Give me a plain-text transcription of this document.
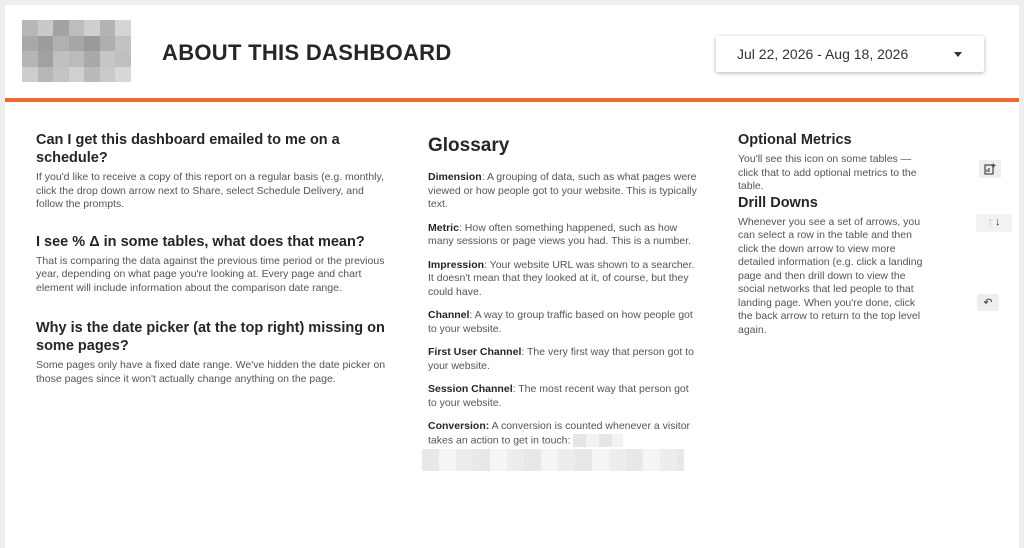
ABOUT THIS DASHBOARD	Jul 22, 2026 - Aug 18, 2026
Can I get this dashboard emailed to me on a schedule?

If you'd like to receive a copy of this report on a regular basis (e.g. monthly, click the drop down arrow next to Share, select Schedule Delivery, and follow the prompts.

I see % Δ in some tables, what does that mean?

That is comparing the data against the previous time period or the previous year, depending on what page you're looking at. Every page and chart element will include information about the comparison date range.

Why is the date picker (at the top right) missing on some pages?

Some pages only have a fixed date range. We've hidden the date picker on those pages since it won't actually change anything on the page.

Glossary

Dimension: A grouping of data, such as what pages were viewed or how people got to your website. This is typically text.

Metric: How often something happened, such as how many sessions or page views you had. This is a number.

Impression: Your website URL was shown to a searcher. It doesn't mean that they looked at it, of course, but they could have.

Channel: A way to group traffic based on how people got to your website.

First User Channel: The very first way that person got to your website.

Session Channel: The most recent way that person got to your website.

Conversion: A conversion is counted whenever a visitor takes an action to get in touch:

Optional Metrics

You'll see this icon on some tables — click that to add optional metrics to the table.

Drill Downs

Whenever you see a set of arrows, you can select a row in the table and then click the down arrow to view more detailed information (e.g. click a landing page and then drill down to view the social networks that led people to that landing page. When you're done, click the back arrow to return to the top level again.

↑ ↓
↶
